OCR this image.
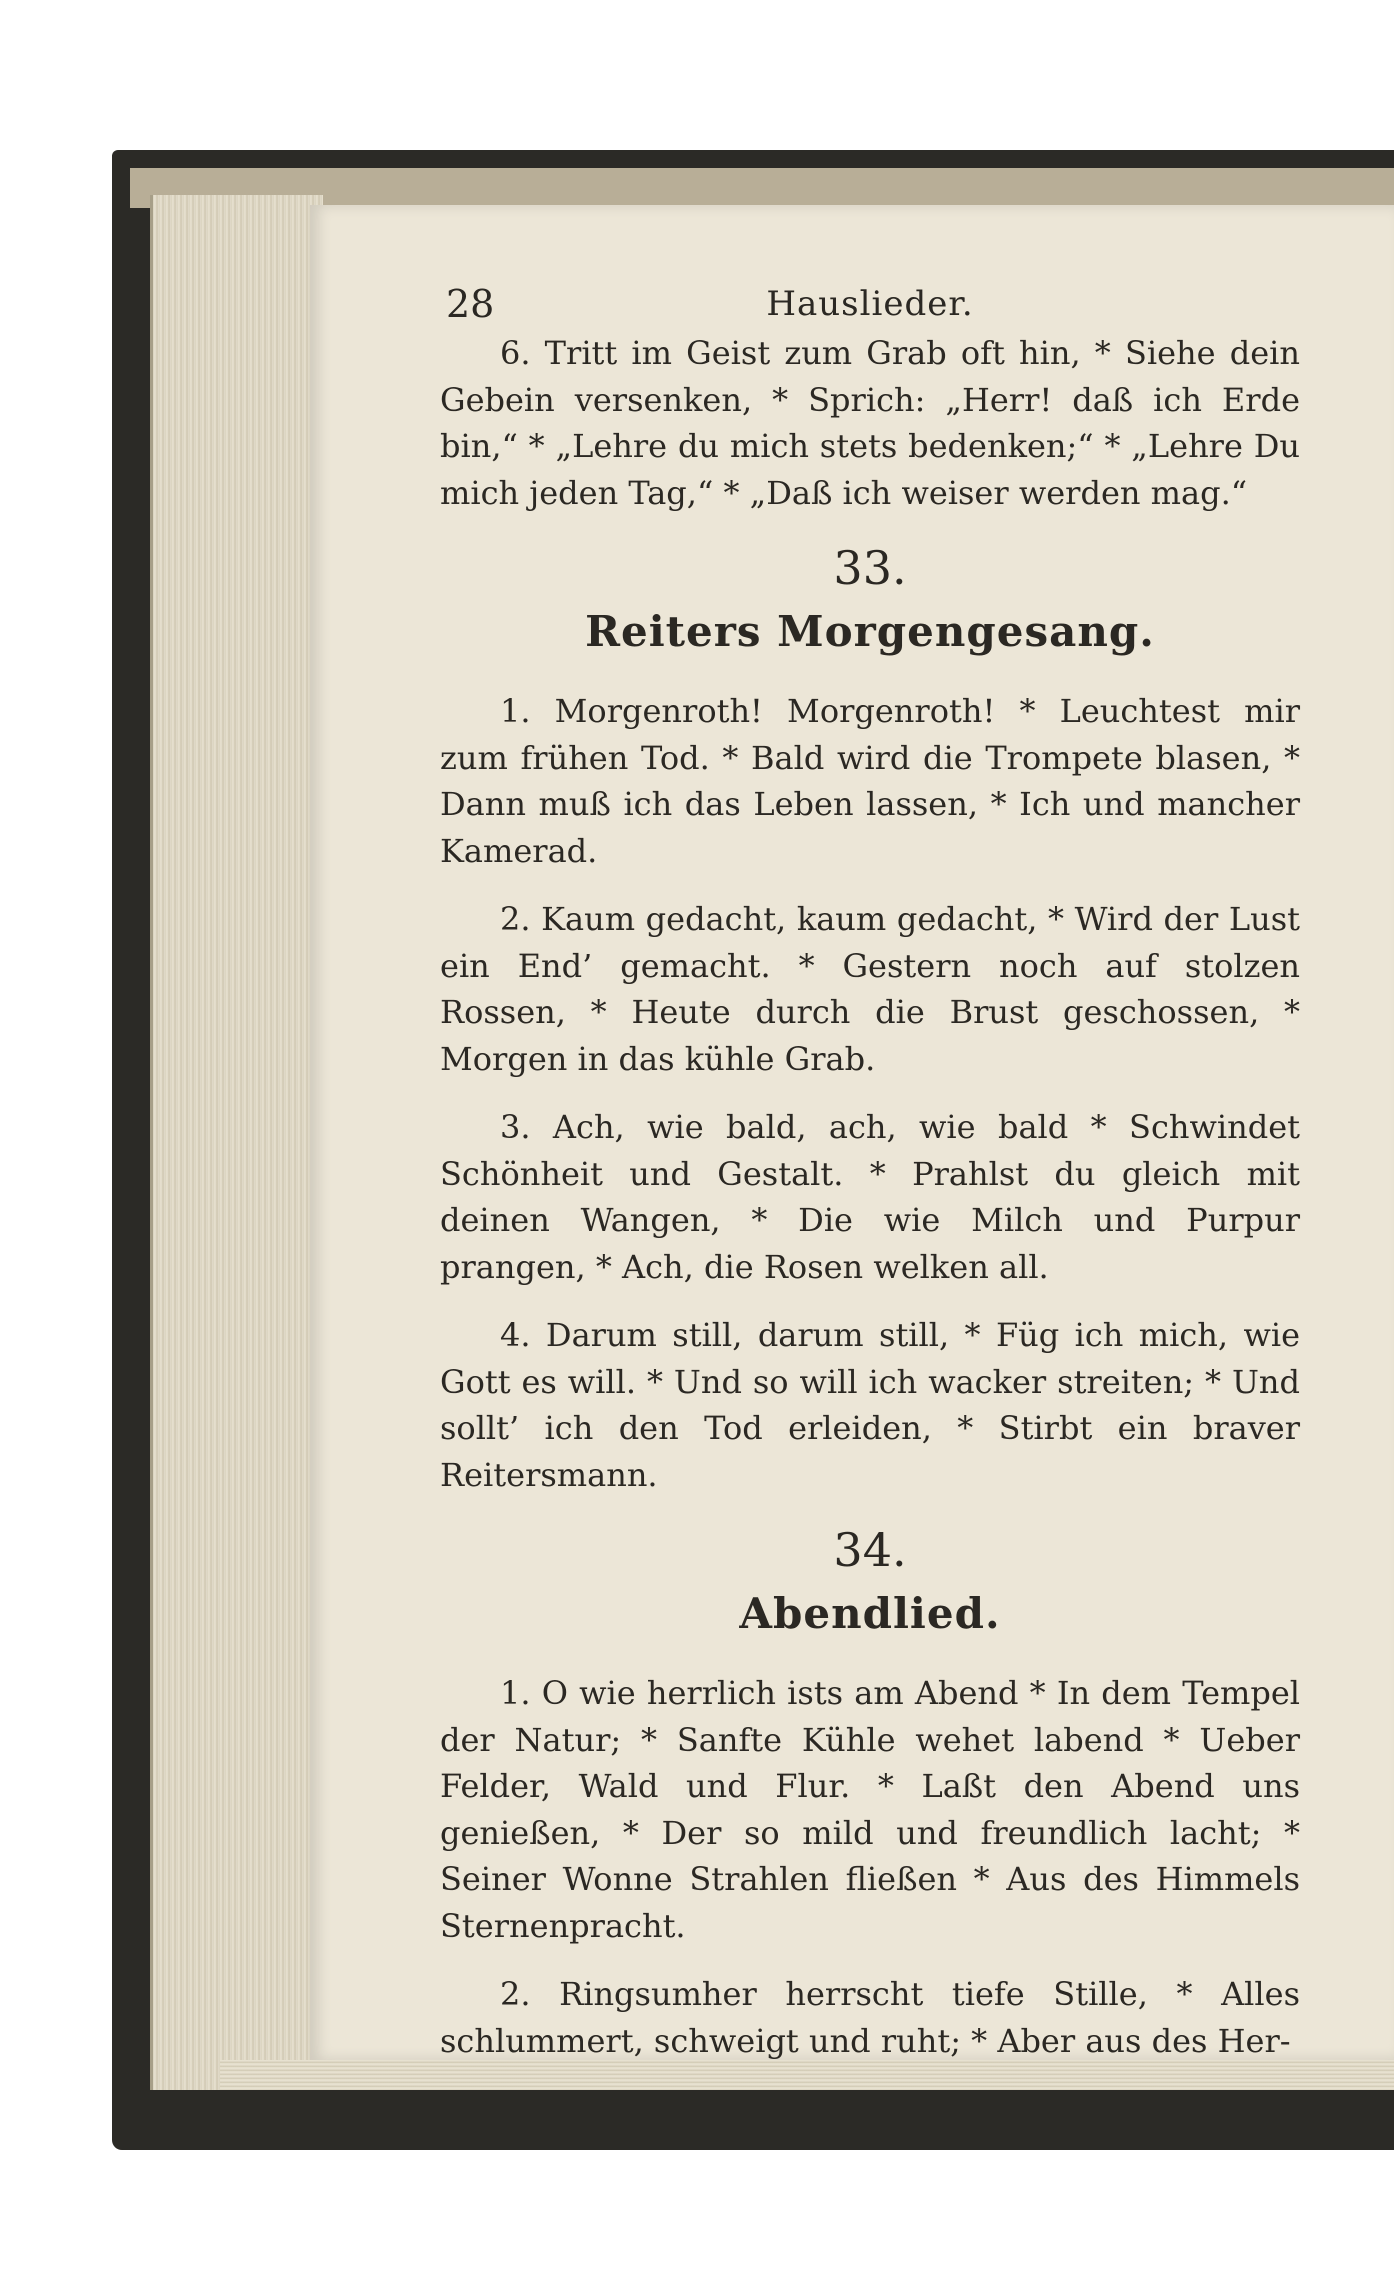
28	Hauslieder.

6. Tritt im Geist zum Grab oft hin, * Siehe dein Gebein versenken, * Sprich: „Herr! daß ich Erde bin,“ * „Lehre du mich stets bedenken;“ * „Lehre Du mich jeden Tag,“ * „Daß ich weiser werden mag.“

33.
Reiters Morgengesang.

1. Morgenroth! Morgenroth! * Leuchtest mir zum frühen Tod. * Bald wird die Trompete blasen, * Dann muß ich das Leben lassen, * Ich und mancher Kamerad.

2. Kaum gedacht, kaum gedacht, * Wird der Lust ein End’ gemacht. * Gestern noch auf stolzen Rossen, * Heute durch die Brust geschossen, * Morgen in das kühle Grab.

3. Ach, wie bald, ach, wie bald * Schwindet Schönheit und Gestalt. * Prahlst du gleich mit deinen Wangen, * Die wie Milch und Purpur prangen, * Ach, die Rosen welken all.

4. Darum still, darum still, * Füg ich mich, wie Gott es will. * Und so will ich wacker streiten; * Und sollt’ ich den Tod erleiden, * Stirbt ein braver Reitersmann.

34.
Abendlied.

1. O wie herrlich ists am Abend * In dem Tempel der Natur; * Sanfte Kühle wehet labend * Ueber Felder, Wald und Flur. * Laßt den Abend uns genießen, * Der so mild und freundlich lacht; * Seiner Wonne Strahlen fließen * Aus des Himmels Sternenpracht.

2. Ringsumher herrscht tiefe Stille, * Alles schlummert, schweigt und ruht; * Aber aus des Her-
